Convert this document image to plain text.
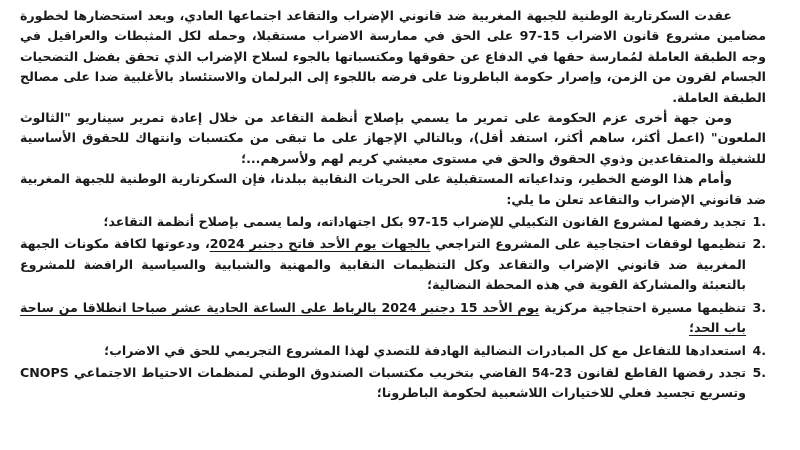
عقدت السكرتارية الوطنية للجبهة المغربية ضد قانوني الإضراب والتقاعد اجتماعها العادي، وبعد استحضارها لخطورة مضامين مشروع قانون الاضراب 15-97 على الحق في ممارسة الاضراب مستقبلا، وحمله لكل المثبطات والعراقيل في وجه الطبقة العاملة لمُمارسة حقها في الدفاع عن حقوقها ومكتسباتها بالجوء لسلاح الإضراب الذي تحقق بفضل التضحيات الجسام لقرون من الزمن، وإصرار حكومة الباطرونا على فرضه باللجوء إلى البرلمان والاستئساد بالأغلبية ضدا على مصالح الطبقة العاملة.

ومن جهة أخرى عزم الحكومة على تمرير ما يسمي بإصلاح أنظمة التقاعد من خلال إعادة تمرير سيناريو "الثالوث الملعون" (اعمل أكثر، ساهم أكثر، استفد أقل)، وبالتالي الإجهاز على ما تبقى من مكتسبات وانتهاك للحقوق الأساسية للشغيلة والمتقاعدين وذوي الحقوق والحق في مستوى معيشي كريم لهم ولأسرهم...؛

وأمام هذا الوضع الخطير، وتداعياته المستقبلية على الحريات النقابية ببلدنا، فإن السكرتارية الوطنية للجبهة المغربية ضد قانوني الإضراب والتقاعد تعلن ما يلي:

1.
تجديد رفضها لمشروع القانون التكبيلي للإضراب 15-97 بكل اجتهاداته، ولما يسمى بإصلاح أنظمة التقاعد؛
2.
تنظيمها لوقفات احتجاجية على المشروع التراجعي بالجهات يوم الأحد فاتح دجنبر 2024، ودعوتها لكافة مكونات الجبهة المغربية ضد قانوني الإضراب والتقاعد وكل التنظيمات النقابية والمهنية والشبابية والسياسية الرافضة للمشروع بالتعبئة والمشاركة القوية في هذه المحطة النضالية؛
3.
تنظيمها مسيرة احتجاجية مركزية يوم الأحد 15 دجنبر 2024 بالرباط على الساعة الحادية عشر صباحا انطلاقا من ساحة باب الحد؛
4.
استعدادها للتفاعل مع كل المبادرات النضالية الهادفة للتصدي لهذا المشروع التجريمي للحق في الاضراب؛
5.
تجدد رفضها القاطع لقانون 23-54 القاضي بتخريب مكتسبات الصندوق الوطني لمنظمات الاحتياط الاجتماعي CNOPS وتسريع تجسيد فعلي للاختيارات اللاشعبية لحكومة الباطرونا؛
